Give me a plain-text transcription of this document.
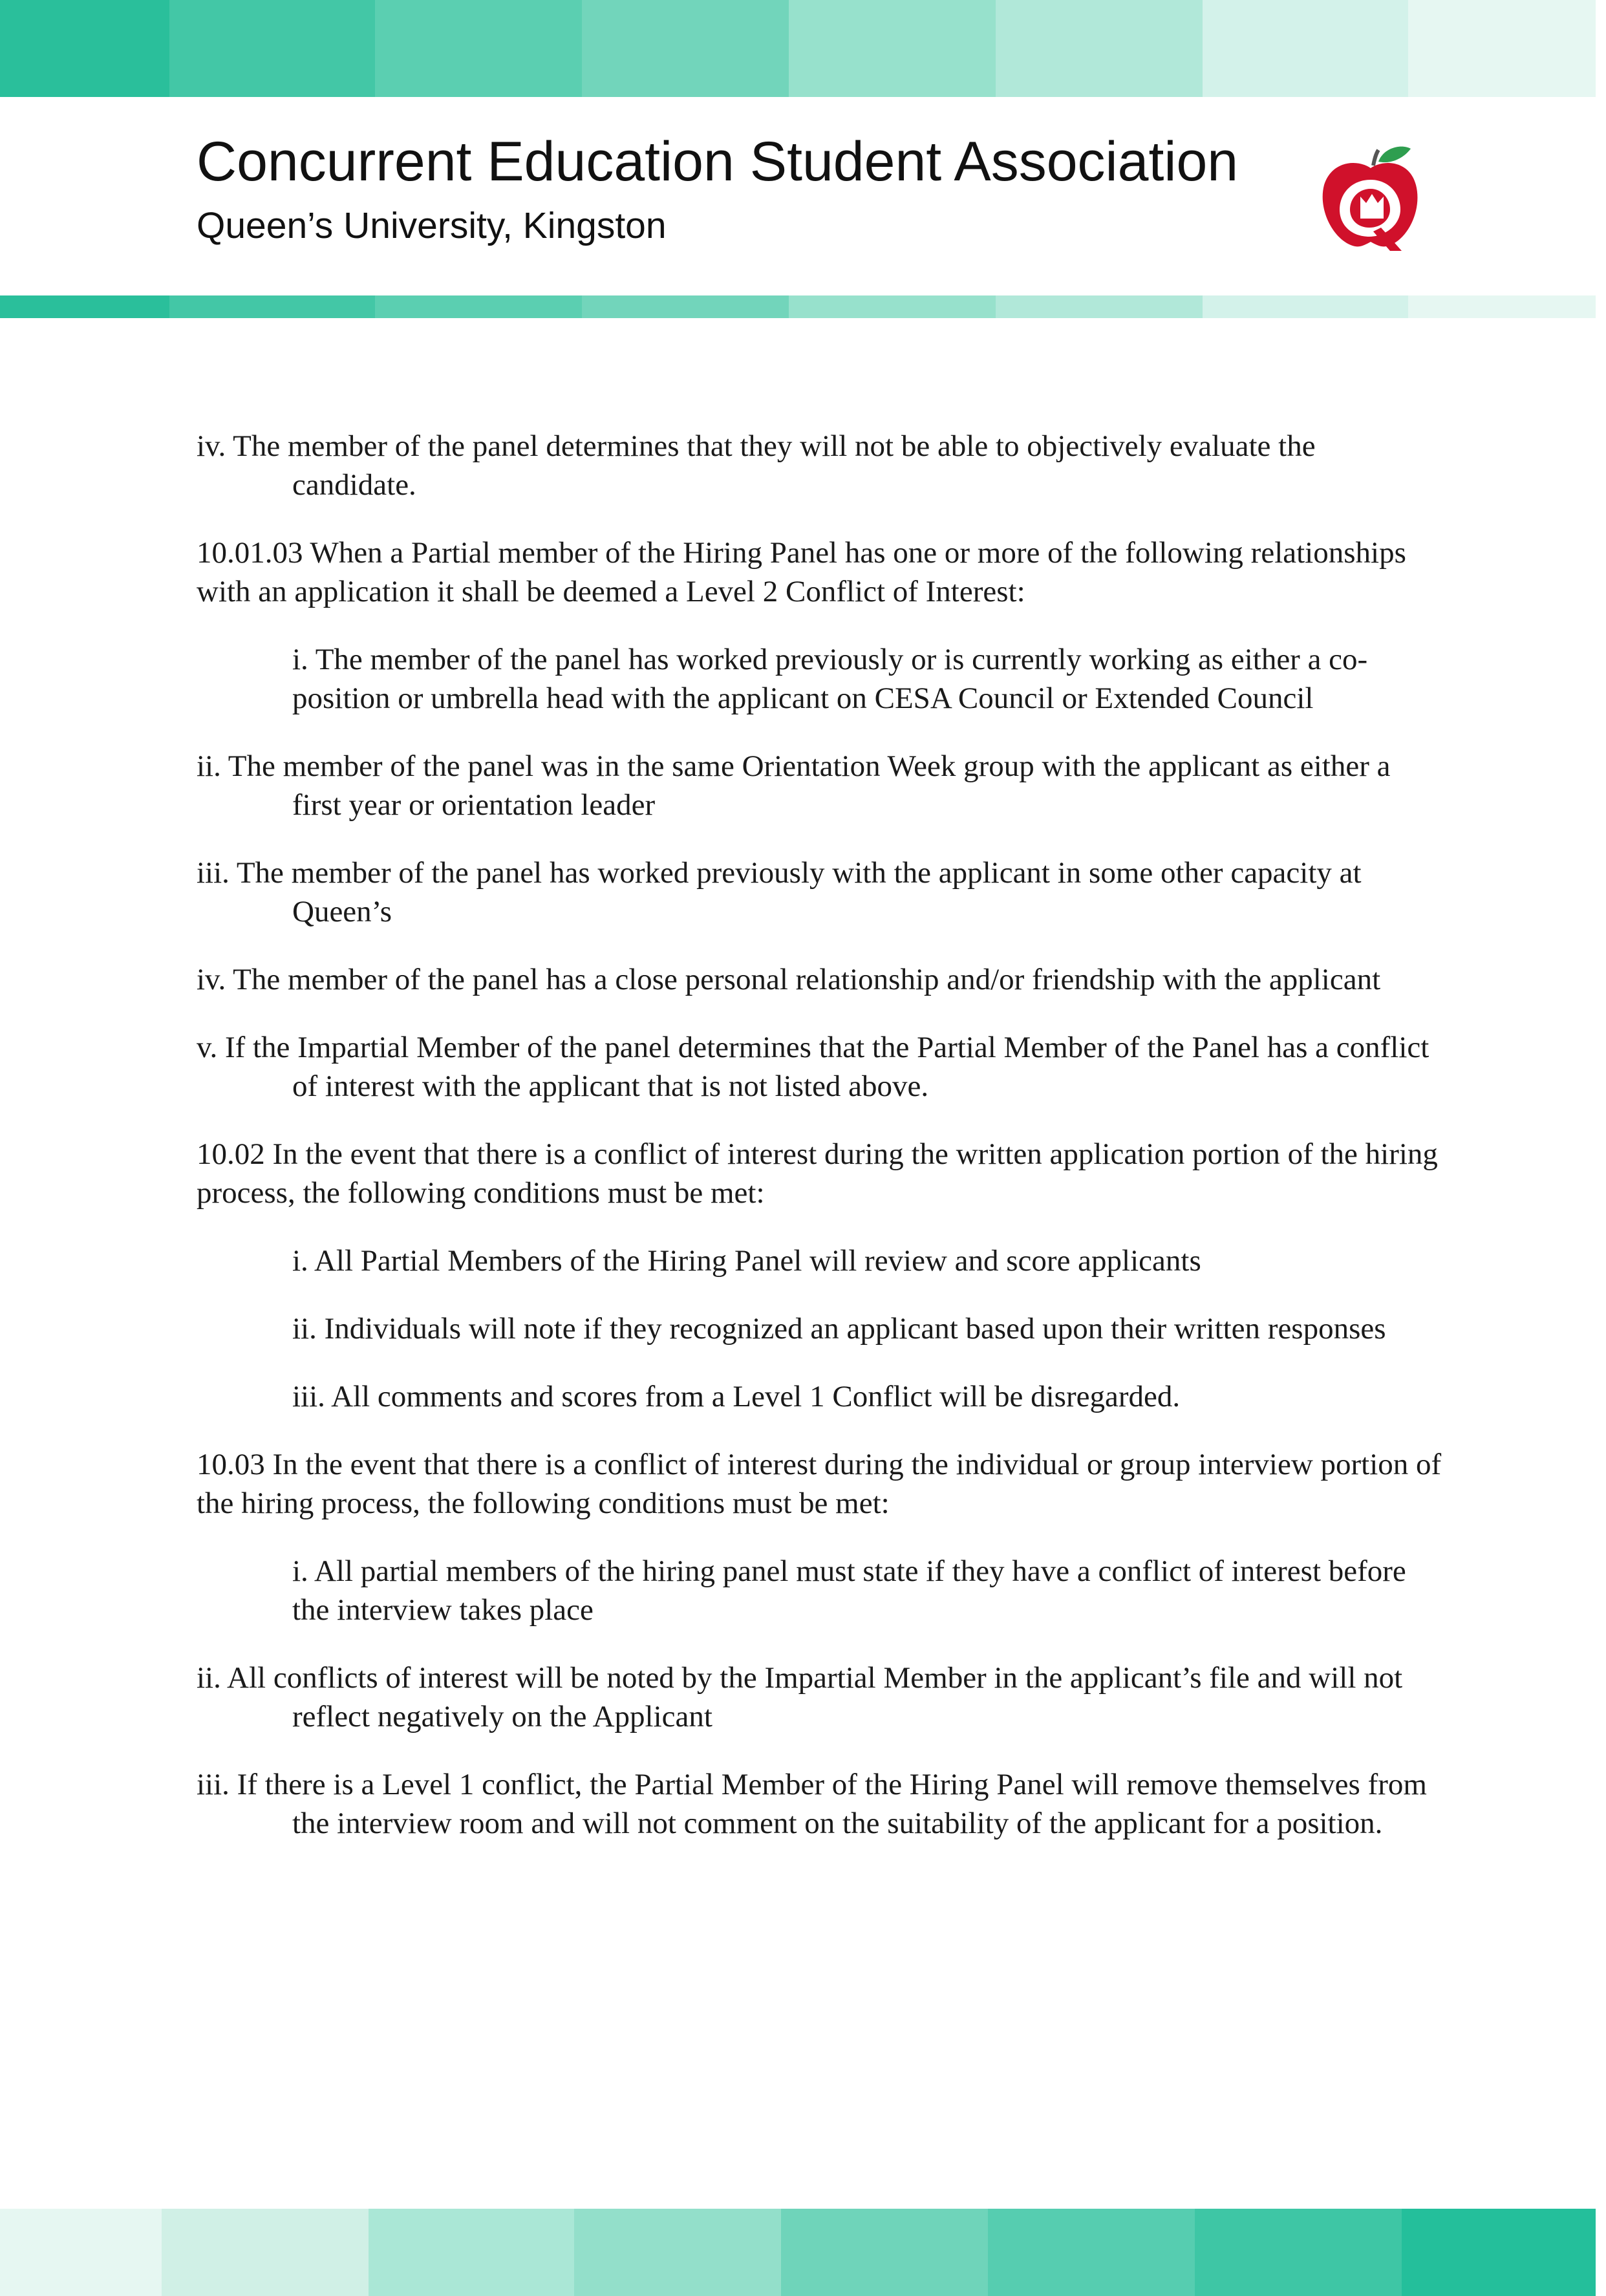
Concurrent Education Student Association
Queen’s University, Kingston

iv. The member of the panel determines that they will not be able to objectively evaluate the candidate.

10.01.03 When a Partial member of the Hiring Panel has one or more of the following relationships with an application it shall be deemed a Level 2 Conflict of Interest:

i. The member of the panel has worked previously or is currently working as either a co-position or umbrella head with the applicant on CESA Council or Extended Council

ii. The member of the panel was in the same Orientation Week group with the applicant as either a first year or orientation leader

iii. The member of the panel has worked previously with the applicant in some other capacity at Queen’s

iv. The member of the panel has a close personal relationship and/or friendship with the applicant

v. If the Impartial Member of the panel determines that the Partial Member of the Panel has a conflict of interest with the applicant that is not listed above.

10.02 In the event that there is a conflict of interest during the written application portion of the hiring process, the following conditions must be met:

i. All Partial Members of the Hiring Panel will review and score applicants

ii. Individuals will note if they recognized an applicant based upon their written responses

iii. All comments and scores from a Level 1 Conflict will be disregarded.

10.03 In the event that there is a conflict of interest during the individual or group interview portion of the hiring process, the following conditions must be met:

i. All partial members of the hiring panel must state if they have a conflict of interest before the interview takes place

ii. All conflicts of interest will be noted by the Impartial Member in the applicant’s file and will not reflect negatively on the Applicant

iii. If there is a Level 1 conflict, the Partial Member of the Hiring Panel will remove themselves from the interview room and will not comment on the suitability of the applicant for a position.
